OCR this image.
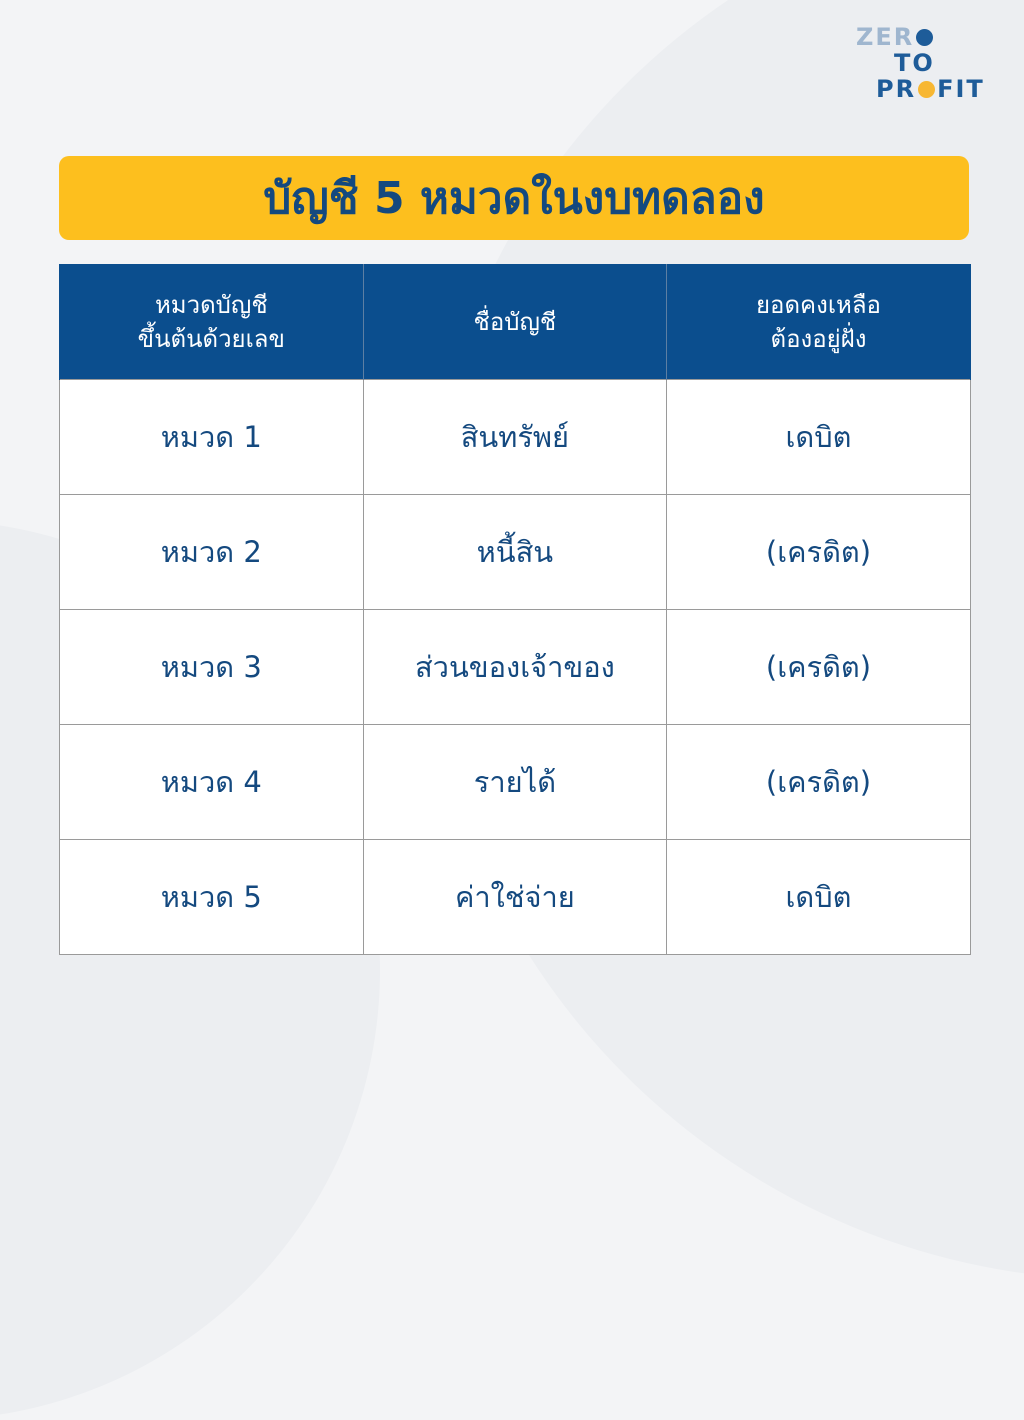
ZER
TO
PR FIT
บัญชี 5 หมวดในงบทดลอง
หมวดบัญชี
ขึ้นต้นด้วยเลข	ชื่อบัญชี	ยอดคงเหลือ
ต้องอยู่ฝั่ง

หมวด 1	สินทรัพย์	เดบิต
หมวด 2	หนี้สิน	(เครดิต)
หมวด 3	ส่วนของเจ้าของ	(เครดิต)
หมวด 4	รายได้	(เครดิต)
หมวด 5	ค่าใช่จ่าย	เดบิต
